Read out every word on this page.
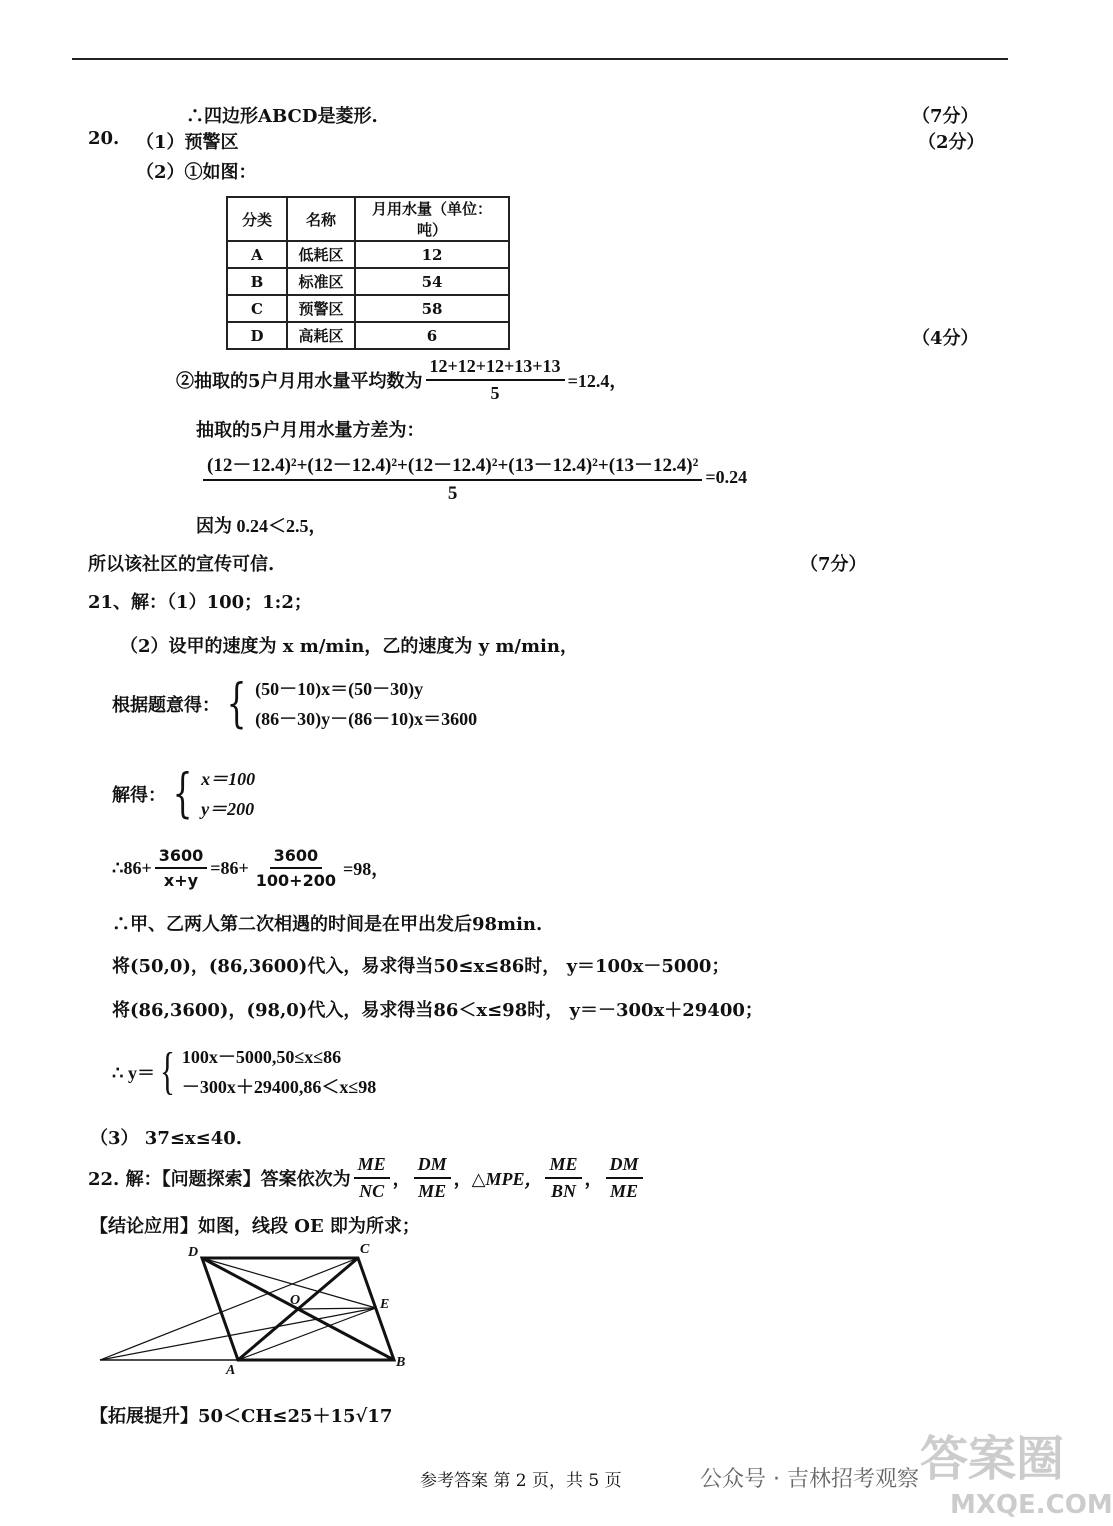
∴四边形ABCD是菱形.	（7分）
20. （1）预警区	（2分）
（2）①如图：
分类	名称	月用水量（单位：吨）
A	低耗区	12
B	标准区	54
C	预警区	58
D	高耗区	6	（4分）
②抽取的5户月用水量平均数为 $\frac{12+12+12+13+13}{5} =12.4$，
抽取的5户月用水量方差为：
$\frac{\text{(12－12.4)²+(12－12.4)²+(12－12.4)²+(13－12.4)²+(13－12.4)²}}{5} =0.24$
因为 0.24＜2.5，
所以该社区的宣传可信.	（7分）
21、解：（1）100；1:2；
（2）设甲的速度为 x m/min，乙的速度为 y m/min，
根据题意得： { (50－10)x＝(50－30)y
(86－30)y－(86－10)x＝3600
解得： { x＝100
y＝200
∴86+ $\frac{3600}{x+y} =86+ \frac{3600}{100+200} =98$，
∴甲、乙两人第二次相遇的时间是在甲出发后98min.
将(50,0)，(86,3600)代入，易求得当50≤x≤86时， y＝100x－5000；
将(86,3600)，(98,0)代入，易求得当86＜x≤98时， y＝－300x＋29400；
∴ y＝ { 100x－5000,50≤x≤86
－300x＋29400,86＜x≤98
（3） 37≤x≤40.
22. 解：【问题探索】答案依次为 $\frac{ME}{NC}$ ， $\frac{DM}{ME}$ ， △MPE， $\frac{ME}{BN}$ ， $\frac{DM}{ME}$
【结论应用】如图，线段 OE 即为所求；
D	C
O	E
A
B
【拓展提升】50＜CH≤25＋15√17
参考答案 第 2 页，共 5 页	公众号 · 吉林招考观察 答案圈
MXQE.COM
